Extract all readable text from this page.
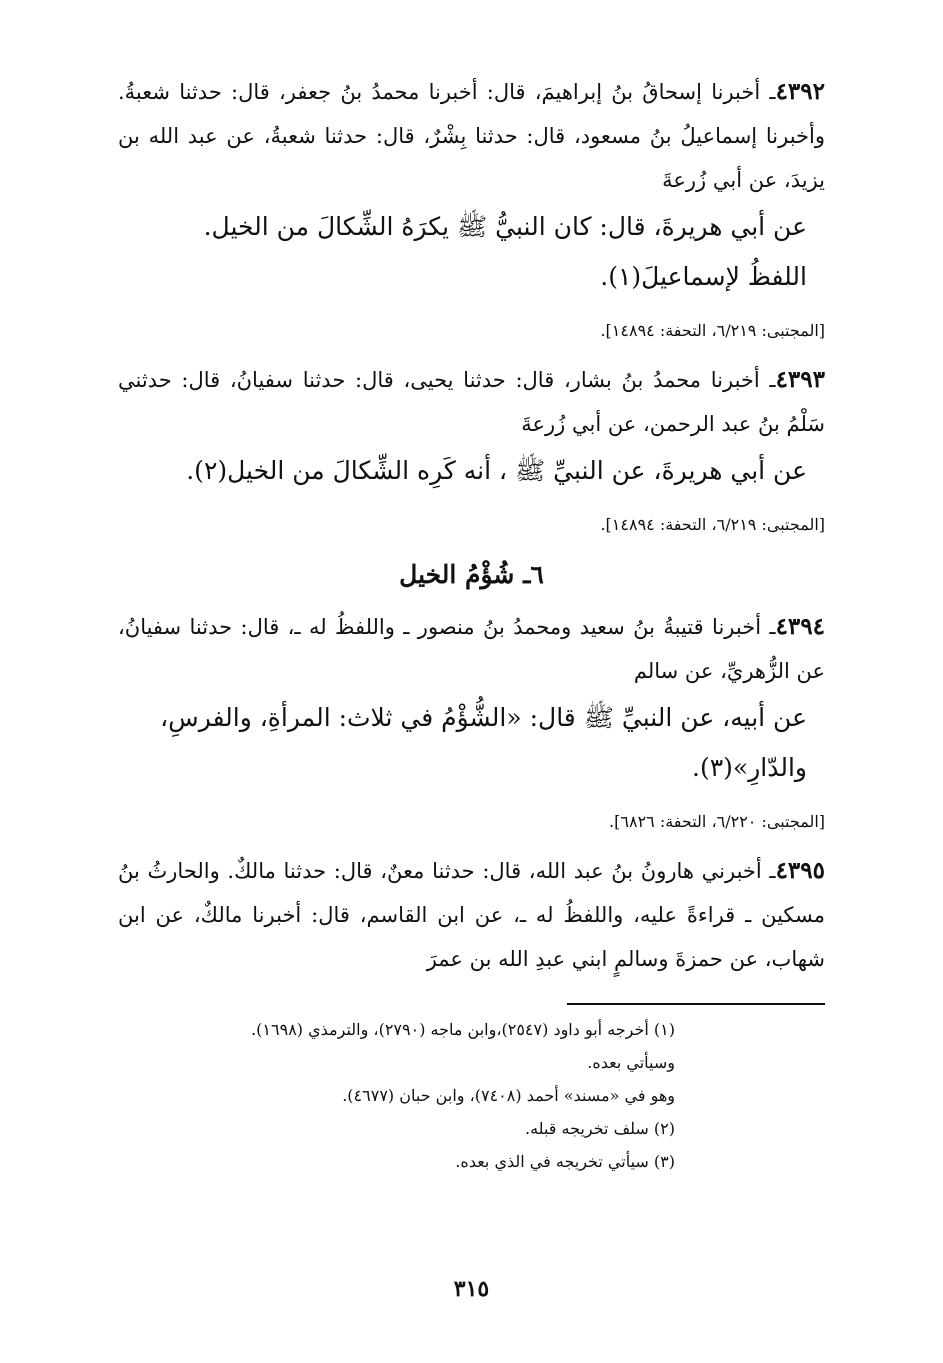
٤٣٩٢ـ أخبرنا إسحاقُ بنُ إبراهيمَ، قال: أخبرنا محمدُ بنُ جعفر، قال: حدثنا شعبةُ. وأخبرنا إسماعيلُ بنُ مسعود، قال: حدثنا بِشْرٌ، قال: حدثنا شعبةُ، عن عبد الله بن يزيدَ، عن أبي زُرعةَ

عن أبي هريرةَ، قال: كان النبيُّ ﷺ يكرَهُ الشِّكالَ من الخيل.

اللفظُ لإسماعيلَ(١).

[المجتبى: ٦/٢١٩، التحفة: ١٤٨٩٤].

٤٣٩٣ـ أخبرنا محمدُ بنُ بشار، قال: حدثنا يحيى، قال: حدثنا سفيانُ، قال: حدثني سَلْمُ بنُ عبد الرحمن، عن أبي زُرعةَ

عن أبي هريرةَ، عن النبيِّ ﷺ ، أنه كَرِه الشِّكالَ من الخيل(٢).

[المجتبى: ٦/٢١٩، التحفة: ١٤٨٩٤].

٦ـ شُؤْمُ الخيل

٤٣٩٤ـ أخبرنا قتيبةُ بنُ سعيد ومحمدُ بنُ منصور ـ واللفظُ له ـ، قال: حدثنا سفيانُ، عن الزُّهريِّ، عن سالم

عن أبيه، عن النبيِّ ﷺ قال: «الشُّؤْمُ في ثلاث: المرأةِ، والفرسِ، والدّارِ»(٣).

[المجتبى: ٦/٢٢٠، التحفة: ٦٨٢٦].

٤٣٩٥ـ أخبرني هارونُ بنُ عبد الله، قال: حدثنا معنٌ، قال: حدثنا مالكٌ. والحارثُ بنُ مسكين ـ قراءةً عليه، واللفظُ له ـ، عن ابن القاسم، قال: أخبرنا مالكٌ، عن ابن شهاب، عن حمزةَ وسالمٍ ابني عبدِ الله بن عمرَ

(١) أخرجه أبو داود (٢٥٤٧)،وابن ماجه (٢٧٩٠)، والترمذي (١٦٩٨).

وسيأتي بعده.

وهو في «مسند» أحمد (٧٤٠٨)، وابن حبان (٤٦٧٧).

(٢) سلف تخريجه قبله.

(٣) سيأتي تخريجه في الذي بعده.

٣١٥
